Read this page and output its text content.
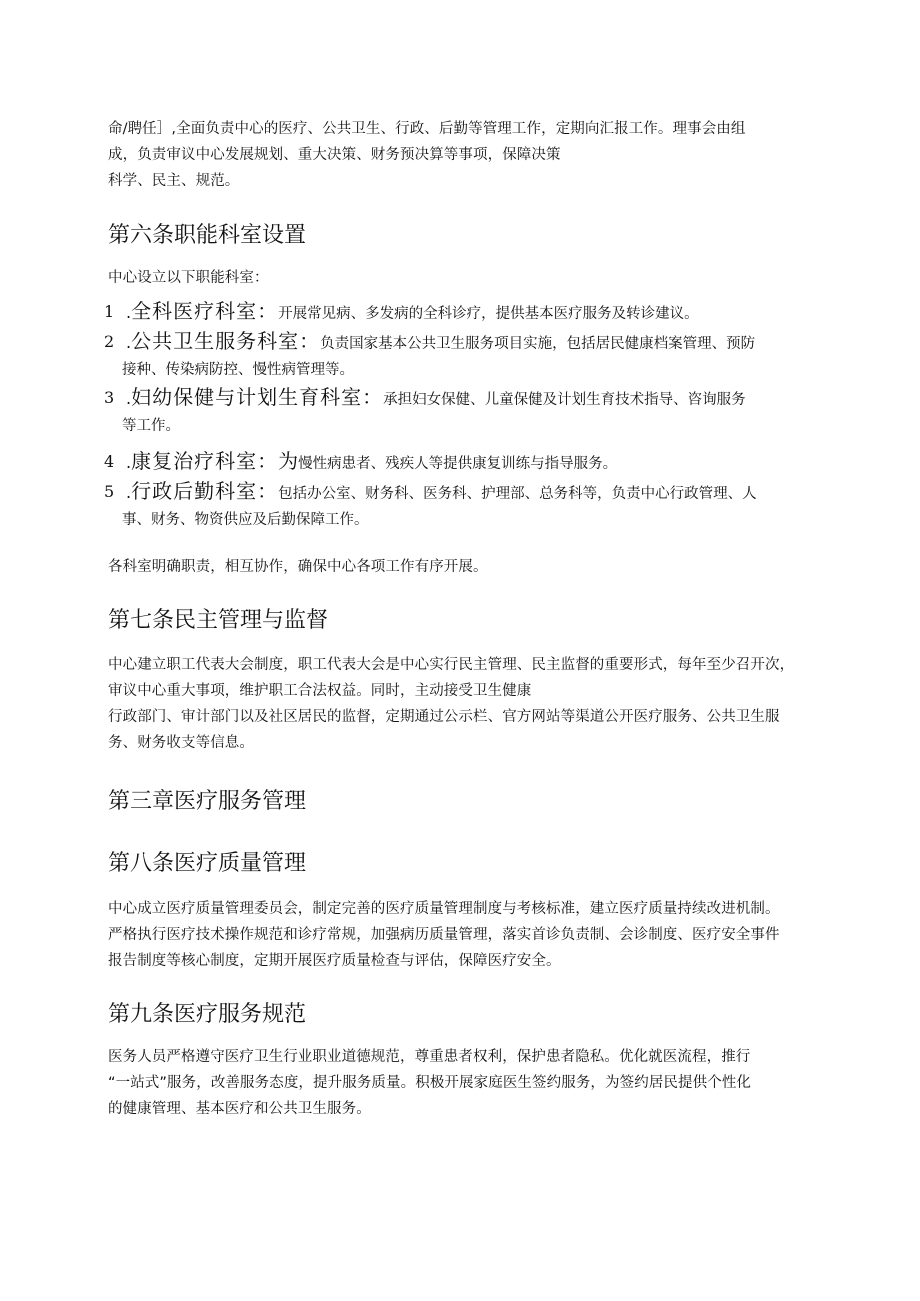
命/聘任］,全面负责中心的医疗、公共卫生、行政、后勤等管理工作，定期向汇报工作。理事会由组
成，负责审议中心发展规划、重大决策、财务预决算等事项，保障决策
科学、民主、规范。
第六条职能科室设置

中心设立以下职能科室：

1 .全科医疗科室：开展常见病、多发病的全科诊疗，提供基本医疗服务及转诊建议。
2 .公共卫生服务科室：负责国家基本公共卫生服务项目实施，包括居民健康档案管理、预防
接种、传染病防控、慢性病管理等。
3 .妇幼保健与计划生育科室：承担妇女保健、儿童保健及计划生育技术指导、咨询服务
等工作。
4 .康复治疗科室：为慢性病患者、残疾人等提供康复训练与指导服务。
5 .行政后勤科室：包括办公室、财务科、医务科、护理部、总务科等，负责中心行政管理、人
事、财务、物资供应及后勤保障工作。

各科室明确职责，相互协作，确保中心各项工作有序开展。

第七条民主管理与监督
中心建立职工代表大会制度，职工代表大会是中心实行民主管理、民主监督的重要形式，每年至少召开次，
审议中心重大事项，维护职工合法权益。同时，主动接受卫生健康
行政部门、审计部门以及社区居民的监督，定期通过公示栏、官方网站等渠道公开医疗服务、公共卫生服
务、财务收支等信息。
第三章医疗服务管理
第八条医疗质量管理
中心成立医疗质量管理委员会，制定完善的医疗质量管理制度与考核标准，建立医疗质量持续改进机制。
严格执行医疗技术操作规范和诊疗常规，加强病历质量管理，落实首诊负责制、会诊制度、医疗安全事件
报告制度等核心制度，定期开展医疗质量检查与评估，保障医疗安全。
第九条医疗服务规范
医务人员严格遵守医疗卫生行业职业道德规范，尊重患者权利，保护患者隐私。优化就医流程，推行
“一站式”服务，改善服务态度，提升服务质量。积极开展家庭医生签约服务，为签约居民提供个性化
的健康管理、基本医疗和公共卫生服务。
